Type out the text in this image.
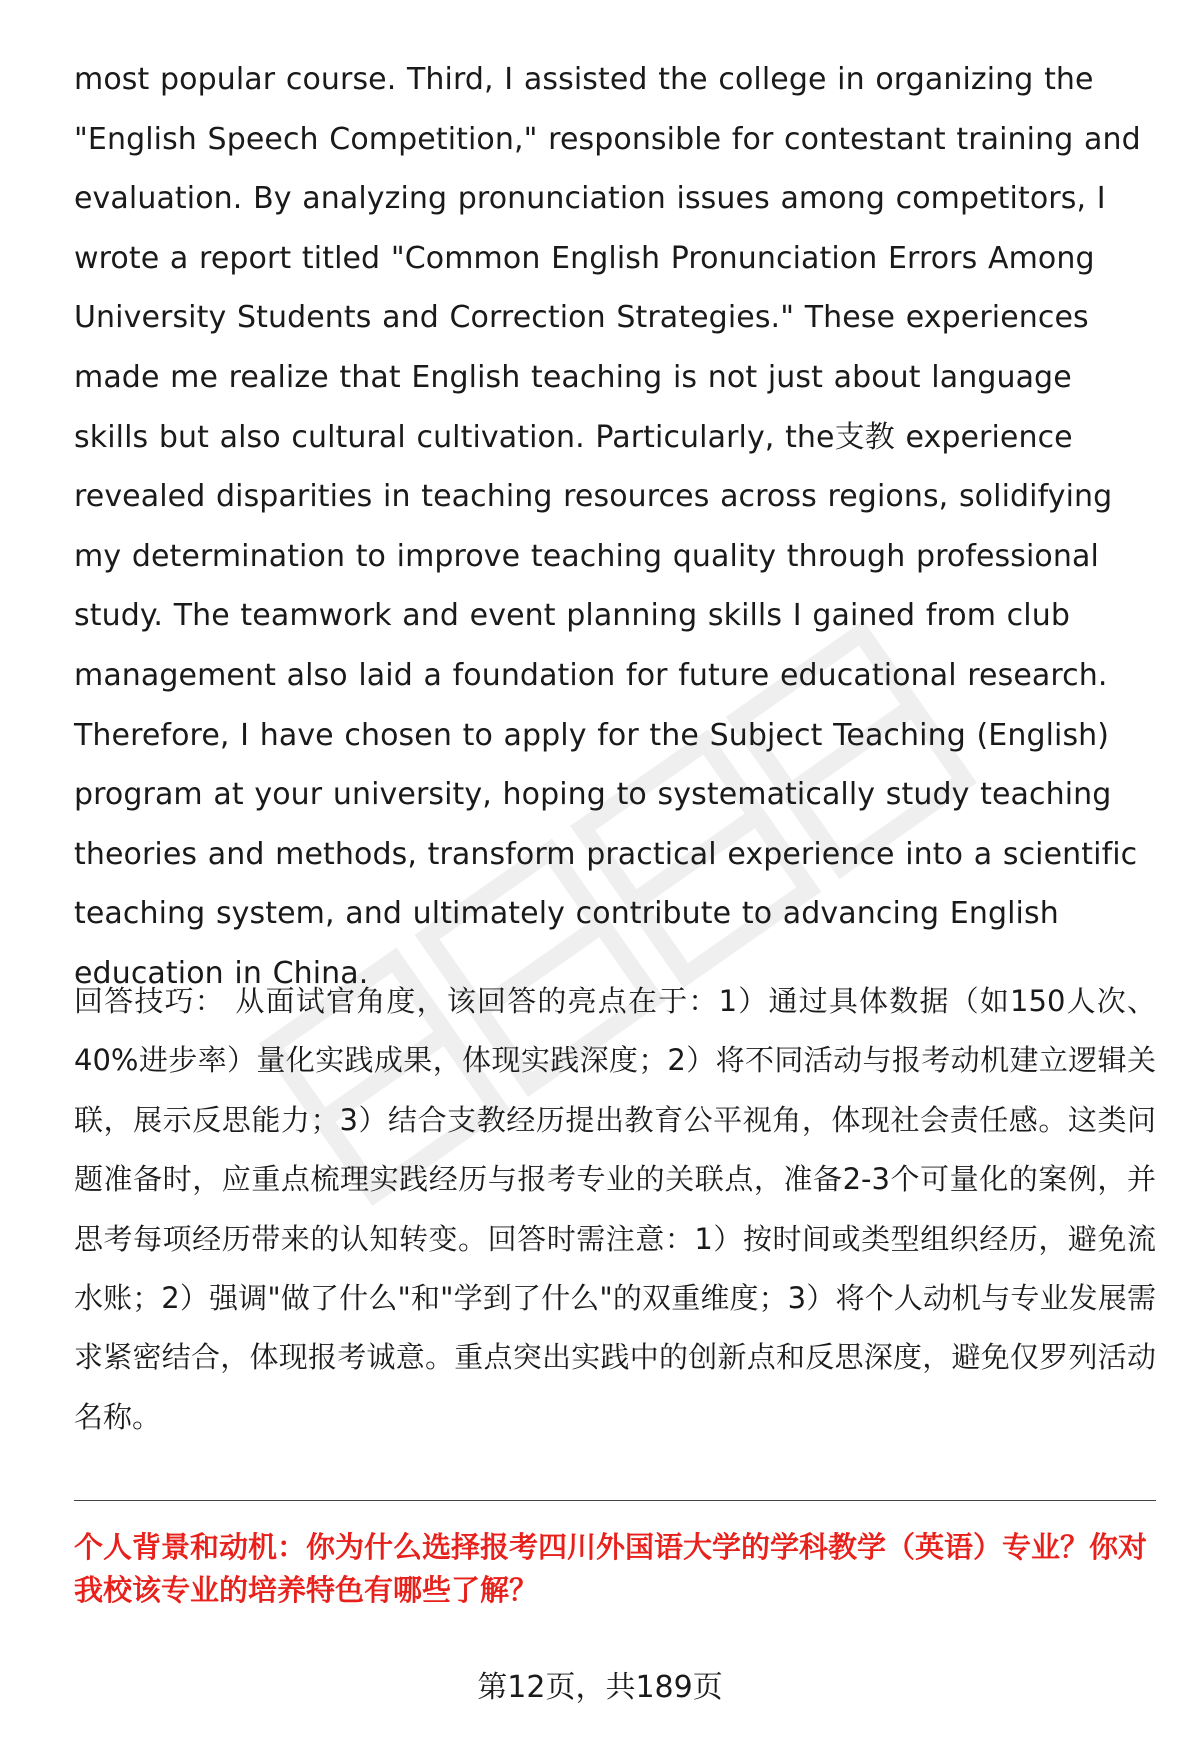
most popular course. Third, I assisted the college in organizing the "English Speech Competition," responsible for contestant training and evaluation. By analyzing pronunciation issues among competitors, I wrote a report titled "Common English Pronunciation Errors Among University Students and Correction Strategies." These experiences made me realize that English teaching is not just about language skills but also cultural cultivation. Particularly, the支教 experience revealed disparities in teaching resources across regions, solidifying my determination to improve teaching quality through professional study. The teamwork and event planning skills I gained from club management also laid a foundation for future educational research. Therefore, I have chosen to apply for the Subject Teaching (English) program at your university, hoping to systematically study teaching theories and methods, transform practical experience into a scientific teaching system, and ultimately contribute to advancing English education in China.

回答技巧： 从面试官角度，该回答的亮点在于：1）通过具体数据（如150人次、40%进步率）量化实践成果，体现实践深度；2）将不同活动与报考动机建立逻辑关联，展示反思能力；3）结合支教经历提出教育公平视角，体现社会责任感。这类问题准备时，应重点梳理实践经历与报考专业的关联点，准备2-3个可量化的案例，并思考每项经历带来的认知转变。回答时需注意：1）按时间或类型组织经历，避免流水账；2）强调"做了什么"和"学到了什么"的双重维度；3）将个人动机与专业发展需求紧密结合，体现报考诚意。重点突出实践中的创新点和反思深度，避免仅罗列活动名称。

个人背景和动机：你为什么选择报考四川外国语大学的学科教学（英语）专业？你对我校该专业的培养特色有哪些了解？

第12页，共189页
